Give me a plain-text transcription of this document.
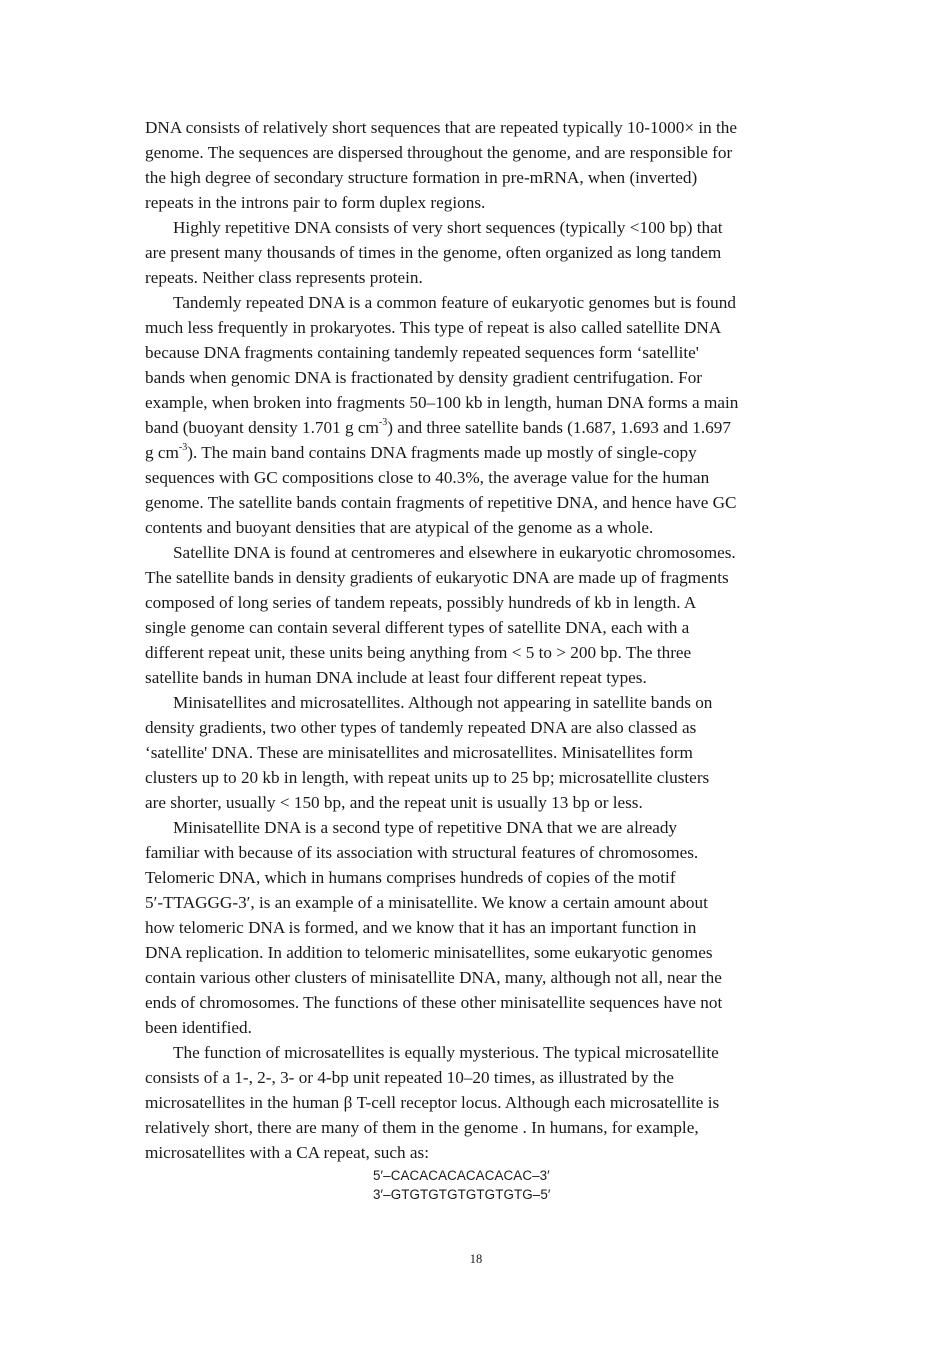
DNA consists of relatively short sequences that are repeated typically 10-1000× in the
genome. The sequences are dispersed throughout the genome, and are responsible for
the high degree of secondary structure formation in pre-mRNA, when (inverted)
repeats in the introns pair to form duplex regions.
Highly repetitive DNA consists of very short sequences (typically <100 bp) that
are present many thousands of times in the genome, often organized as long tandem
repeats. Neither class represents protein.
Tandemly repeated DNA is a common feature of eukaryotic genomes but is found
much less frequently in prokaryotes. This type of repeat is also called satellite DNA
because DNA fragments containing tandemly repeated sequences form ‘satellite'
bands when genomic DNA is fractionated by density gradient centrifugation. For
example, when broken into fragments 50–100 kb in length, human DNA forms a main
band (buoyant density 1.701 g $cm^{-3}$) and three satellite bands (1.687, 1.693 and 1.697
g $cm^{-3}$). The main band contains DNA fragments made up mostly of single-copy
sequences with GC compositions close to 40.3%, the average value for the human
genome. The satellite bands contain fragments of repetitive DNA, and hence have GC
contents and buoyant densities that are atypical of the genome as a whole.
Satellite DNA is found at centromeres and elsewhere in eukaryotic chromosomes.
The satellite bands in density gradients of eukaryotic DNA are made up of fragments
composed of long series of tandem repeats, possibly hundreds of kb in length. A
single genome can contain several different types of satellite DNA, each with a
different repeat unit, these units being anything from < 5 to > 200 bp. The three
satellite bands in human DNA include at least four different repeat types.
Minisatellites and microsatellites. Although not appearing in satellite bands on
density gradients, two other types of tandemly repeated DNA are also classed as
‘satellite' DNA. These are minisatellites and microsatellites. Minisatellites form
clusters up to 20 kb in length, with repeat units up to 25 bp; microsatellite clusters
are shorter, usually < 150 bp, and the repeat unit is usually 13 bp or less.
Minisatellite DNA is a second type of repetitive DNA that we are already
familiar with because of its association with structural features of chromosomes.
Telomeric DNA, which in humans comprises hundreds of copies of the motif
5′-TTAGGG-3′, is an example of a minisatellite. We know a certain amount about
how telomeric DNA is formed, and we know that it has an important function in
DNA replication. In addition to telomeric minisatellites, some eukaryotic genomes
contain various other clusters of minisatellite DNA, many, although not all, near the
ends of chromosomes. The functions of these other minisatellite sequences have not
been identified.
The function of microsatellites is equally mysterious. The typical microsatellite
consists of a 1-, 2-, 3- or 4-bp unit repeated 10–20 times, as illustrated by the
microsatellites in the human β T-cell receptor locus. Although each microsatellite is
relatively short, there are many of them in the genome . In humans, for example,
microsatellites with a CA repeat, such as:
5′–CACACACACACACAC–3′
3′–GTGTGTGTGTGTGTG–5′
18
